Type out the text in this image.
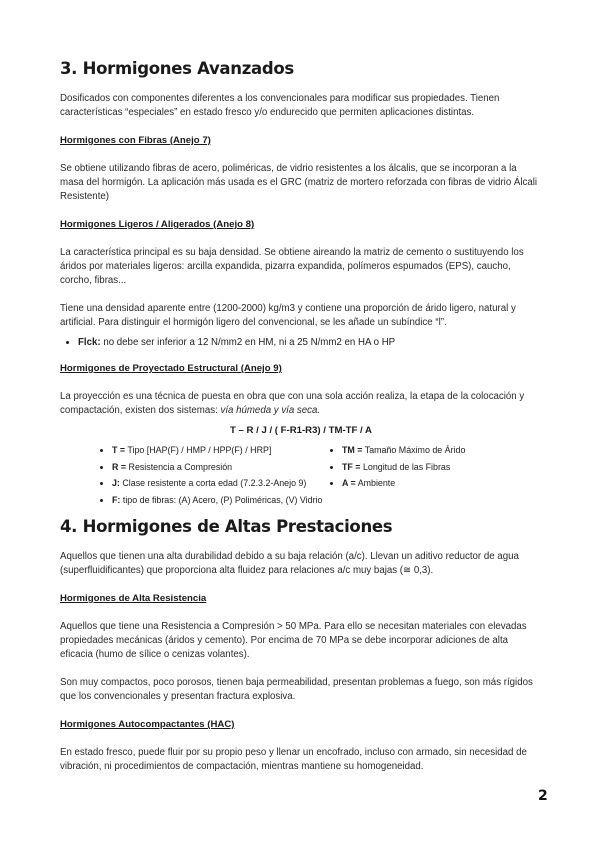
3. Hormigones Avanzados

Dosificados con componentes diferentes a los convencionales para modificar sus propiedades. Tienen características “especiales” en estado fresco y/o endurecido que permiten aplicaciones distintas.

Hormigones con Fibras (Anejo 7)

Se obtiene utilizando fibras de acero, poliméricas, de vidrio resistentes a los álcalis, que se incorporan a la masa del hormigón. La aplicación más usada es el GRC (matriz de mortero reforzada con fibras de vidrio Álcali Resistente)

Hormigones Ligeros / Aligerados (Anejo 8)

La característica principal es su baja densidad. Se obtiene aireando la matriz de cemento o sustituyendo los áridos por materiales ligeros: arcilla expandida, pizarra expandida, polímeros espumados (EPS), caucho, corcho, fibras...

Tiene una densidad aparente entre (1200-2000) kg/m3 y contiene una proporción de árido ligero, natural y artificial. Para distinguir el hormigón ligero del convencional, se les añade un subíndice “l”.

• Flck: no debe ser inferior a 12 N/mm2 en HM, ni a 25 N/mm2 en HA o HP
Hormigones de Proyectado Estructural (Anejo 9)

La proyección es una técnica de puesta en obra que con una sola acción realiza, la etapa de la colocación y compactación, existen dos sistemas: vía húmeda y vía seca.

T – R / J / ( F-R1-R3) / TM-TF / A
• T = Tipo [HAP(F) / HMP / HPP(F) / HRP]
• R = Resistencia a Compresión
• J: Clase resistente a corta edad (7.2.3.2-Anejo 9)
• F: tipo de fibras: (A) Acero, (P) Poliméricas, (V) Vidrio
• TM = Tamaño Máximo de Árido
• TF = Longitud de las Fibras
• A = Ambiente
4. Hormigones de Altas Prestaciones

Aquellos que tienen una alta durabilidad debido a su baja relación (a/c). Llevan un aditivo reductor de agua (superfluidificantes) que proporciona alta fluidez para relaciones a/c muy bajas (≅ 0,3).

Hormigones de Alta Resistencia

Aquellos que tiene una Resistencia a Compresión > 50 MPa. Para ello se necesitan materiales con elevadas propiedades mecánicas (áridos y cemento). Por encima de 70 MPa se debe incorporar adiciones de alta eficacia (humo de sílice o cenizas volantes).

Son muy compactos, poco porosos, tienen baja permeabilidad, presentan problemas a fuego, son más rígidos que los convencionales y presentan fractura explosiva.

Hormigones Autocompactantes (HAC)

En estado fresco, puede fluir por su propio peso y llenar un encofrado, incluso con armado, sin necesidad de vibración, ni procedimientos de compactación, mientras mantiene su homogeneidad.

2
